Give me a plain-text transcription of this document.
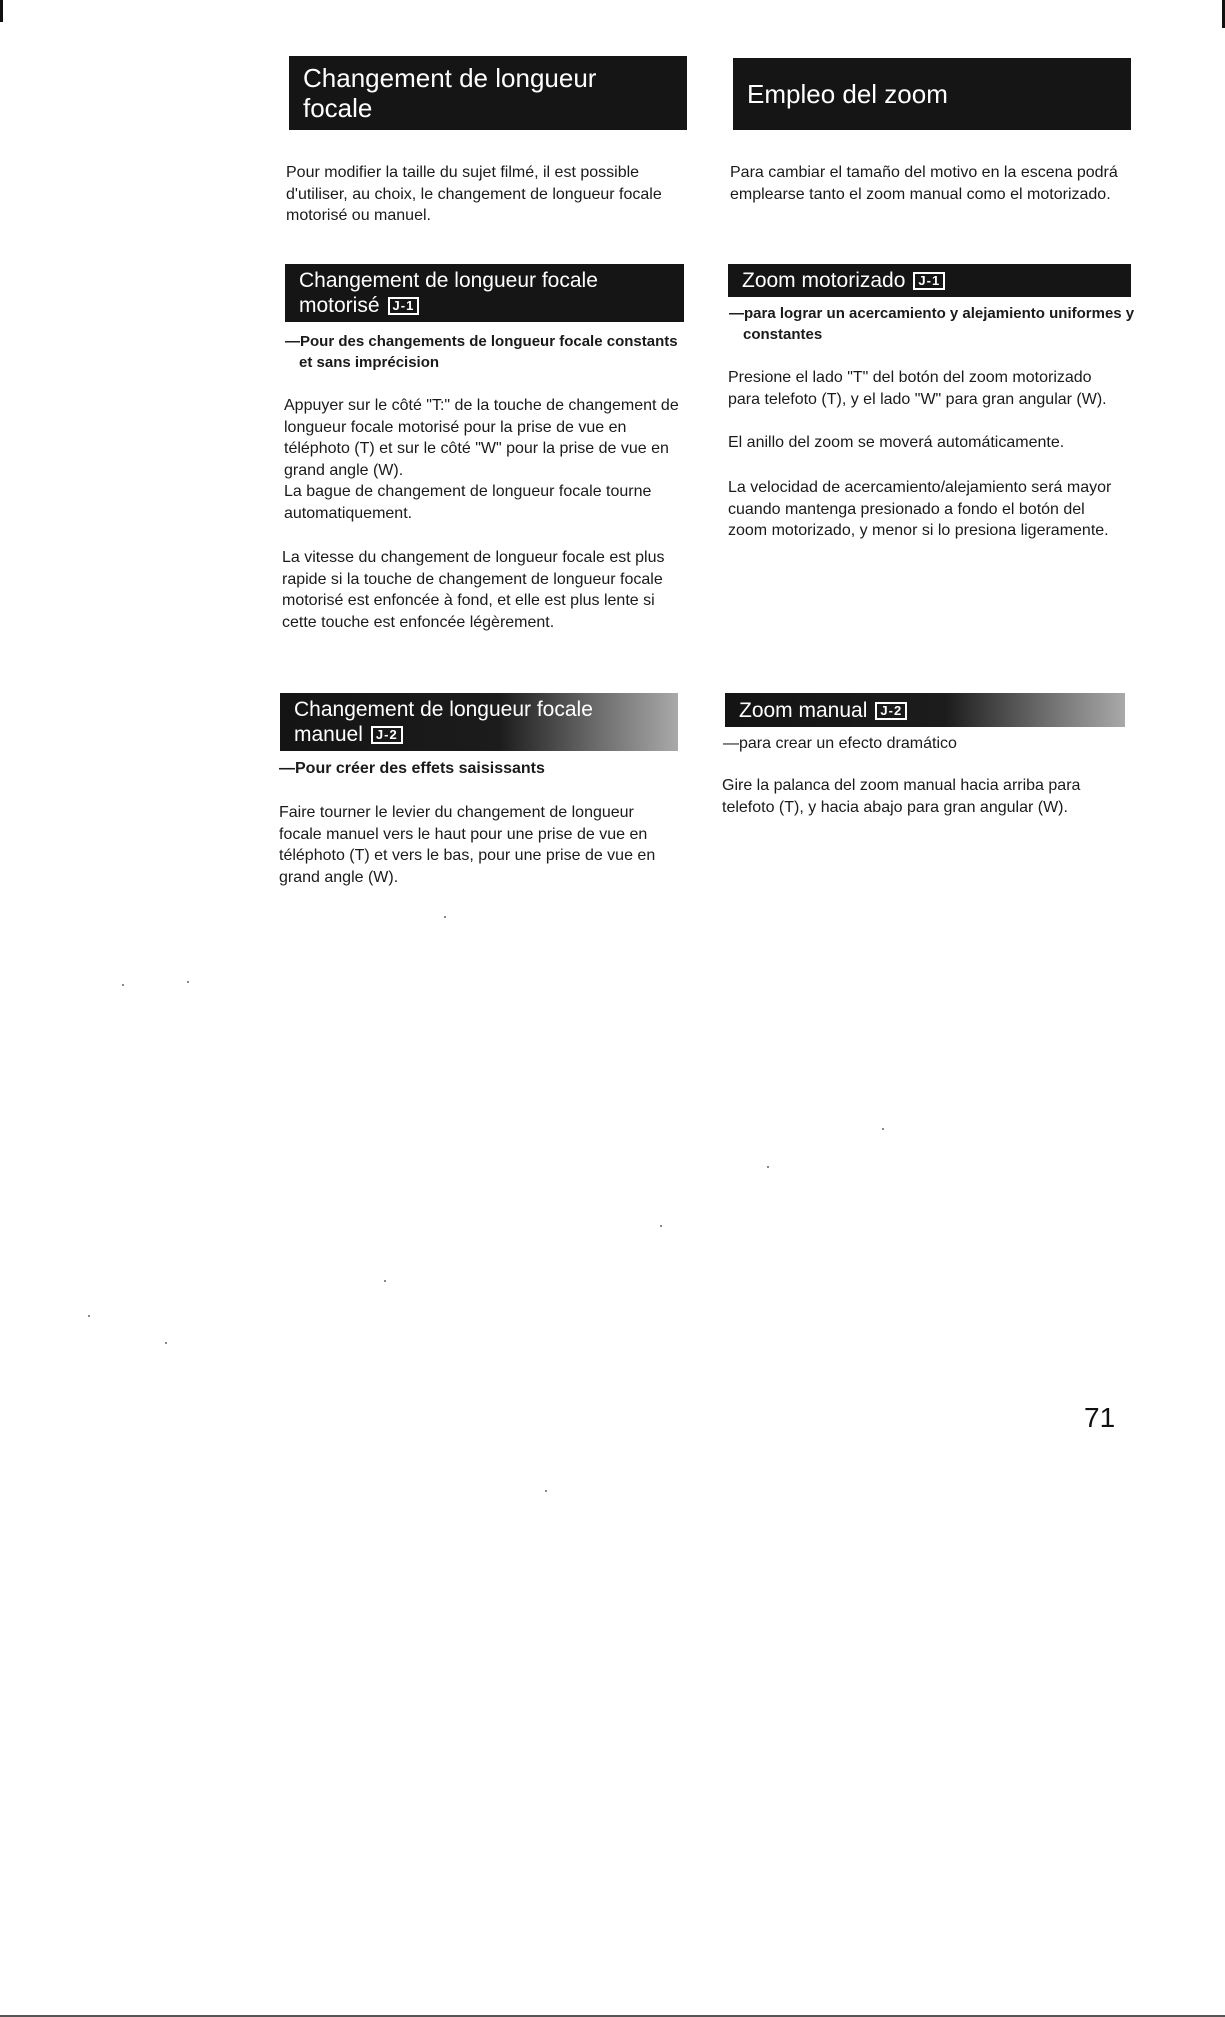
Changement de longueur focale
Pour modifier la taille du sujet filmé, il est possible d'utiliser, au choix, le changement de longueur focale motorisé ou manuel.
Changement de longueur focale motorisé J-1
—Pour des changements de longueur focale constants et sans imprécision
Appuyer sur le côté "T:" de la touche de changement de longueur focale motorisé pour la prise de vue en téléphoto (T) et sur le côté "W" pour la prise de vue en grand angle (W).
La bague de changement de longueur focale tourne automatiquement.
La vitesse du changement de longueur focale est plus rapide si la touche de changement de longueur focale motorisé est enfoncée à fond, et elle est plus lente si cette touche est enfoncée légèrement.
Changement de longueur focale manuel J-2
—Pour créer des effets saisissants
Faire tourner le levier du changement de longueur focale manuel vers le haut pour une prise de vue en téléphoto (T) et vers le bas, pour une prise de vue en grand angle (W).
Empleo del zoom
Para cambiar el tamaño del motivo en la escena podrá emplearse tanto el zoom manual como el motorizado.
Zoom motorizado J-1
—para lograr un acercamiento y alejamiento uniformes y constantes
Presione el lado "T" del botón del zoom motorizado para telefoto (T), y el lado "W" para gran angular (W).
El anillo del zoom se moverá automáticamente.
La velocidad de acercamiento/alejamiento será mayor cuando mantenga presionado a fondo el botón del zoom motorizado, y menor si lo presiona ligeramente.
Zoom manual J-2
—para crear un efecto dramático
Gire la palanca del zoom manual hacia arriba para telefoto (T), y hacia abajo para gran angular (W).
71
